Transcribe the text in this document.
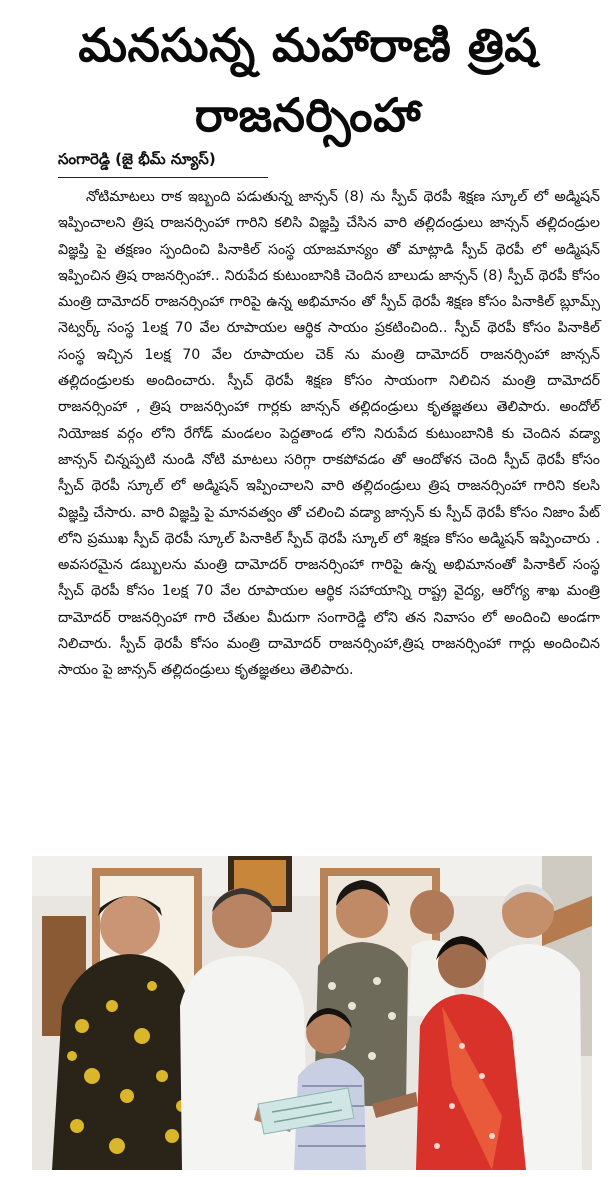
మనసున్న మహారాణి త్రిష
రాజనర్సింహా
సంగారెడ్డి (జై భీమ్ న్యూస్)

నోటిమాటలు రాక ఇబ్బంది పడుతున్న జాన్సన్ (8) ను స్పీచ్ థెరపీ శిక్షణ స్కూల్ లో అడ్మిషన్ ఇప్పించాలని త్రిష రాజనర్సింహా గారిని కలిసి విజ్ఞప్తి చేసిన వారి తల్లిదండ్రులు జాన్సన్ తల్లిదండ్రుల విజ్ఞప్తి పై తక్షణం స్పందించి పినాకిల్ సంస్థ యాజమాన్యం తో మాట్లాడి స్పీచ్ థెరపీ లో అడ్మిషన్ ఇప్పించిన త్రిష రాజనర్సింహా.. నిరుపేద కుటుంబానికి చెందిన బాలుడు జాన్సన్ (8) స్పీచ్ థెరపీ కోసం మంత్రి దామోదర్ రాజనర్సింహా గారిపై ఉన్న అభిమానం తో స్పీచ్ థెరపీ శిక్షణ కోసం పినాకిల్ బ్లూమ్స్ నెట్వర్క్ సంస్థ 1లక్ష 70 వేల రూపాయల ఆర్థిక సాయం ప్రకటించింది.. స్పీచ్ థెరపీ కోసం పినాకిల్ సంస్థ ఇచ్చిన 1లక్ష 70 వేల రూపాయల చెక్ ను మంత్రి దామోదర్ రాజనర్సింహా జాన్సన్ తల్లిదండ్రులకు అందించారు. స్పీచ్ థెరపీ శిక్షణ కోసం సాయంగా నిలిచిన మంత్రి దామోదర్ రాజనర్సింహా , త్రిష రాజనర్సింహా గార్లకు జాన్సన్ తల్లిదండ్రులు కృతజ్ఞతలు తెలిపారు. అందోల్ నియోజక వర్గం లోని రేగోడ్ మండలం పెద్దతాండ లోని నిరుపేద కుటుంబానికి కు చెందిన వడ్యా జాన్సన్ చిన్నప్పటి నుండి నోటి మాటలు సరిగ్గా రాకపోవడం తో ఆందోళన చెంది స్పీచ్ థెరపీ కోసం స్పీచ్ థెరపీ స్కూల్ లో అడ్మిషన్ ఇప్పించాలని వారి తల్లిదండ్రులు త్రిష రాజనర్సింహా గారిని కలసి విజ్ఞప్తి చేసారు. వారి విజ్ఞప్తి పై మానవత్వం తో చలించి వడ్యా జాన్సన్ కు స్పీచ్ థెరపీ కోసం నిజాం పేట్ లోని ప్రముఖ స్పీచ్ థెరపీ స్కూల్ పినాకిల్ స్పీచ్ థెరపీ స్కూల్ లో శిక్షణ కోసం అడ్మిషన్ ఇప్పించారు . అవసరమైన డబ్బులను మంత్రి దామోదర్ రాజనర్సింహా గారిపై ఉన్న అభిమానంతో పినాకిల్ సంస్థ స్పీచ్ థెరపీ కోసం 1లక్ష 70 వేల రూపాయల ఆర్థిక సహాయాన్ని రాష్ట్ర వైద్య, ఆరోగ్య శాఖ మంత్రి దామోదర్ రాజనర్సింహా గారి చేతుల మీదుగా సంగారెడ్డి లోని తన నివాసం లో అందించి అండగా నిలిచారు. స్పీచ్ థెరపీ కోసం మంత్రి దామోదర్ రాజనర్సింహా,త్రిష రాజనర్సింహా గార్లు అందించిన సాయం పై జాన్సన్ తల్లిదండ్రులు కృతజ్ఞతలు తెలిపారు.
